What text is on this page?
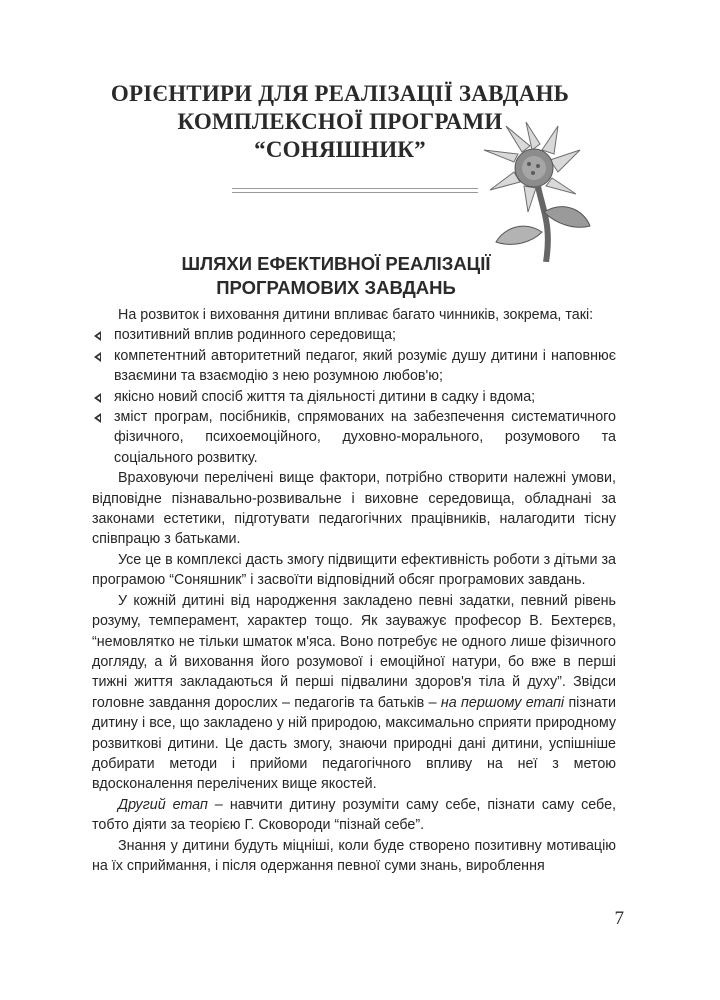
ОРІЄНТИРИ ДЛЯ РЕАЛІЗАЦІЇ ЗАВДАНЬ
КОМПЛЕКСНОЇ ПРОГРАМИ
“СОНЯШНИК”
ШЛЯХИ ЕФЕКТИВНОЇ РЕАЛІЗАЦІЇ
ПРОГРАМОВИХ ЗАВДАНЬ

На розвиток і виховання дитини впливає багато чинників, зокрема, такі:

позитивний вплив родинного середовища;
компетентний авторитетний педагог, який розуміє душу дитини і наповнює взаємини та взаємодію з нею розумною любов'ю;
якісно новий спосіб життя та діяльності дитини в садку і вдома;
зміст програм, посібників, спрямованих на забезпечення систематичного фізичного, психоемоційного, духовно-морального, розумового та соціального розвитку.

Враховуючи перелічені вище фактори, потрібно створити належні умови, відповідне пізнавально-розвивальне і виховне середовища, обладнані за законами естетики, підготувати педагогічних працівників, налагодити тісну співпрацю з батьками.

Усе це в комплексі дасть змогу підвищити ефективність роботи з дітьми за програмою “Соняшник” і засвоїти відповідний обсяг програмових завдань.

У кожній дитині від народження закладено певні задатки, певний рівень розуму, темперамент, характер тощо. Як зауважує професор В. Бехтерєв, “немовлятко не тільки шматок м'яса. Воно потребує не одного лише фізичного догляду, а й виховання його розумової і емоційної натури, бо вже в перші тижні життя закладаються й перші підвалини здоров'я тіла й духу”. Звідси головне завдання дорослих – педагогів та батьків – на першому етапі пізнати дитину і все, що закладено у ній природою, максимально сприяти природному розвиткові дитини. Це дасть змогу, знаючи природні дані дитини, успішніше добирати методи і прийоми педагогічного впливу на неї з метою вдосконалення перелічених вище якостей.

Другий етап – навчити дитину розуміти саму себе, пізнати саму себе, тобто діяти за теорією Г. Сковороди “пізнай себе”.

Знання у дитини будуть міцніші, коли буде створено позитивну мотивацію на їх сприймання, і після одержання певної суми знань, вироблення

7
